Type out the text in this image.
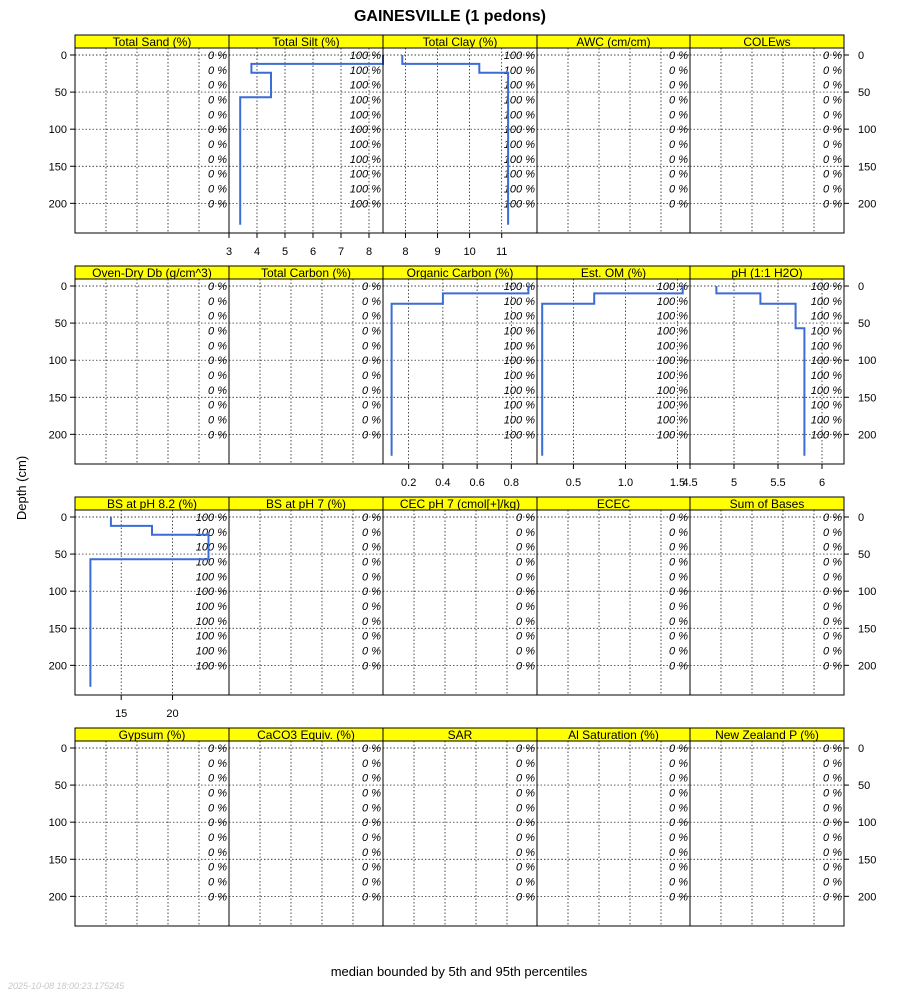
GAINESVILLE (1 pedons)
median bounded by 5th and 95th percentiles
Depth (cm)
2025-10-08 18:00:23.175245
0
50
100
150
200
0
50
100
150
200
Total Sand (%)
0 %
0 %
0 %
0 %
0 %
0 %
0 %
0 %
0 %
0 %
0 %
Total Silt (%)
100 %
100 %
100 %
100 %
100 %
100 %
100 %
100 %
100 %
100 %
100 %
3 4 5 6 7 8
Total Clay (%)
100 %
100 %
100 %
100 %
100 %
100 %
100 %
100 %
100 %
100 %
100 %
8 9 10 11
AWC (cm/cm)
0 %
0 %
0 %
0 %
0 %
0 %
0 %
0 %
0 %
0 %
0 %
COLEws
0 %
0 %
0 %
0 %
0 %
0 %
0 %
0 %
0 %
0 %
0 %
0
50
100
150
200
0
50
100
150
200
Oven-Dry Db (g/cm^3)
0 %
0 %
0 %
0 %
0 %
0 %
0 %
0 %
0 %
0 %
0 %
Total Carbon (%)
0 %
0 %
0 %
0 %
0 %
0 %
0 %
0 %
0 %
0 %
0 %
Organic Carbon (%)
100 %
100 %
100 %
100 %
100 %
100 %
100 %
100 %
100 %
100 %
100 %
0.2 0.4 0.6 0.8
Est. OM (%)
100 %
100 %
100 %
100 %
100 %
100 %
100 %
100 %
100 %
100 %
100 %
0.5	1.0	1.5
pH (1:1 H2O)
100 %
100 %
100 %
100 %
100 %
100 %
100 %
100 %
100 %
100 %
100 %
4.5	5	5.5	6
0
50
100
150
200
0
50
100
150
200
BS at pH 8.2 (%)
100 %
100 %
100 %
100 %
100 %
100 %
100 %
100 %
100 %
100 %
100 %
15	20
BS at pH 7 (%)
0 %
0 %
0 %
0 %
0 %
0 %
0 %
0 %
0 %
0 %
0 %
CEC pH 7 (cmol[+]/kg)
0 %
0 %
0 %
0 %
0 %
0 %
0 %
0 %
0 %
0 %
0 %
ECEC
0 %
0 %
0 %
0 %
0 %
0 %
0 %
0 %
0 %
0 %
0 %
Sum of Bases
0 %
0 %
0 %
0 %
0 %
0 %
0 %
0 %
0 %
0 %
0 %
0
50
100
150
200
0
50
100
150
200
Gypsum (%)
0 %
0 %
0 %
0 %
0 %
0 %
0 %
0 %
0 %
0 %
0 %
CaCO3 Equiv. (%)
0 %
0 %
0 %
0 %
0 %
0 %
0 %
0 %
0 %
0 %
0 %
SAR
0 %
0 %
0 %
0 %
0 %
0 %
0 %
0 %
0 %
0 %
0 %
Al Saturation (%)
0 %
0 %
0 %
0 %
0 %
0 %
0 %
0 %
0 %
0 %
0 %
New Zealand P (%)
0 %
0 %
0 %
0 %
0 %
0 %
0 %
0 %
0 %
0 %
0 %
